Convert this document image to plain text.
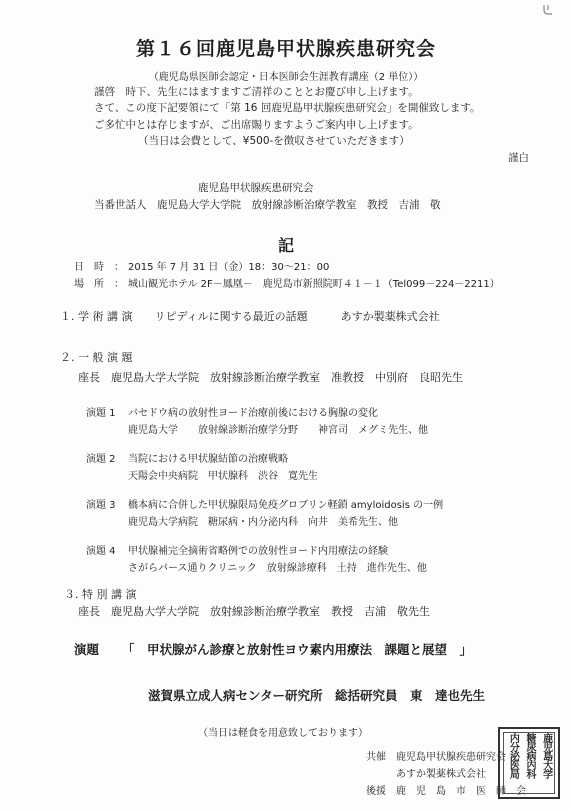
第１６回鹿児島甲状腺疾患研究会
（鹿児島県医師会認定・日本医師会生涯教育講座（2 単位））
謹啓　時下、先生にはますますご清祥のこととお慶び申し上げます。
さて、この度下記要領にて「第 16 回鹿児島甲状腺疾患研究会」を開催致します。
ご多忙中とは存じますが、ご出席賜りますようご案内申し上げます。
（当日は会費として、¥500-を徴収させていただきます）
謹白
鹿児島甲状腺疾患研究会
当番世話人　鹿児島大学大学院　放射線診断治療学教室　教授　吉浦　敬
記
日　時　： 2015 年 7 月 31 日（金）18：30～21：00
場　所　： 城山観光ホテル 2F－鳳凰－　鹿児島市新照院町４１－１（Tel099－224－2211）
１. 学 術 講 演　　リピディルに関する最近の話題　　　あすか製薬株式会社
２. 一 般 演 題
座長　鹿児島大学大学院　放射線診断治療学教室　准教授　中別府　良昭先生
演題 1 バセドウ病の放射性ヨード治療前後における胸腺の変化
鹿児島大学　　放射線診断治療学分野　　神宮司　メグミ先生、他
演題 2 当院における甲状腺結節の治療戦略
天陽会中央病院　甲状腺科　渋谷　寛先生
演題 3 橋本病に合併した甲状腺限局免疫グロブリン軽鎖 amyloidosis の一例
鹿児島大学病院　糖尿病・内分泌内科　向井　美希先生、他
演題 4 甲状腺補完全摘術省略例での放射性ヨード内用療法の経験
さがらパース通りクリニック　放射線診療科　土持　進作先生、他
３. 特 別 講 演
座長　鹿児島大学大学院　放射線診断治療学教室　教授　吉浦　敬先生
演題 「　甲状腺がん診療と放射性ヨウ素内用療法　課題と展望　」
滋賀県立成人病センター研究所　総括研究員　東　達也先生
（当日は軽食を用意致しております）
共催 鹿児島甲状腺疾患研究会
あすか製薬株式会社
後援 鹿　児　島　市　医　師　会
鹿児島大学
糖尿病内科
内分泌医局
